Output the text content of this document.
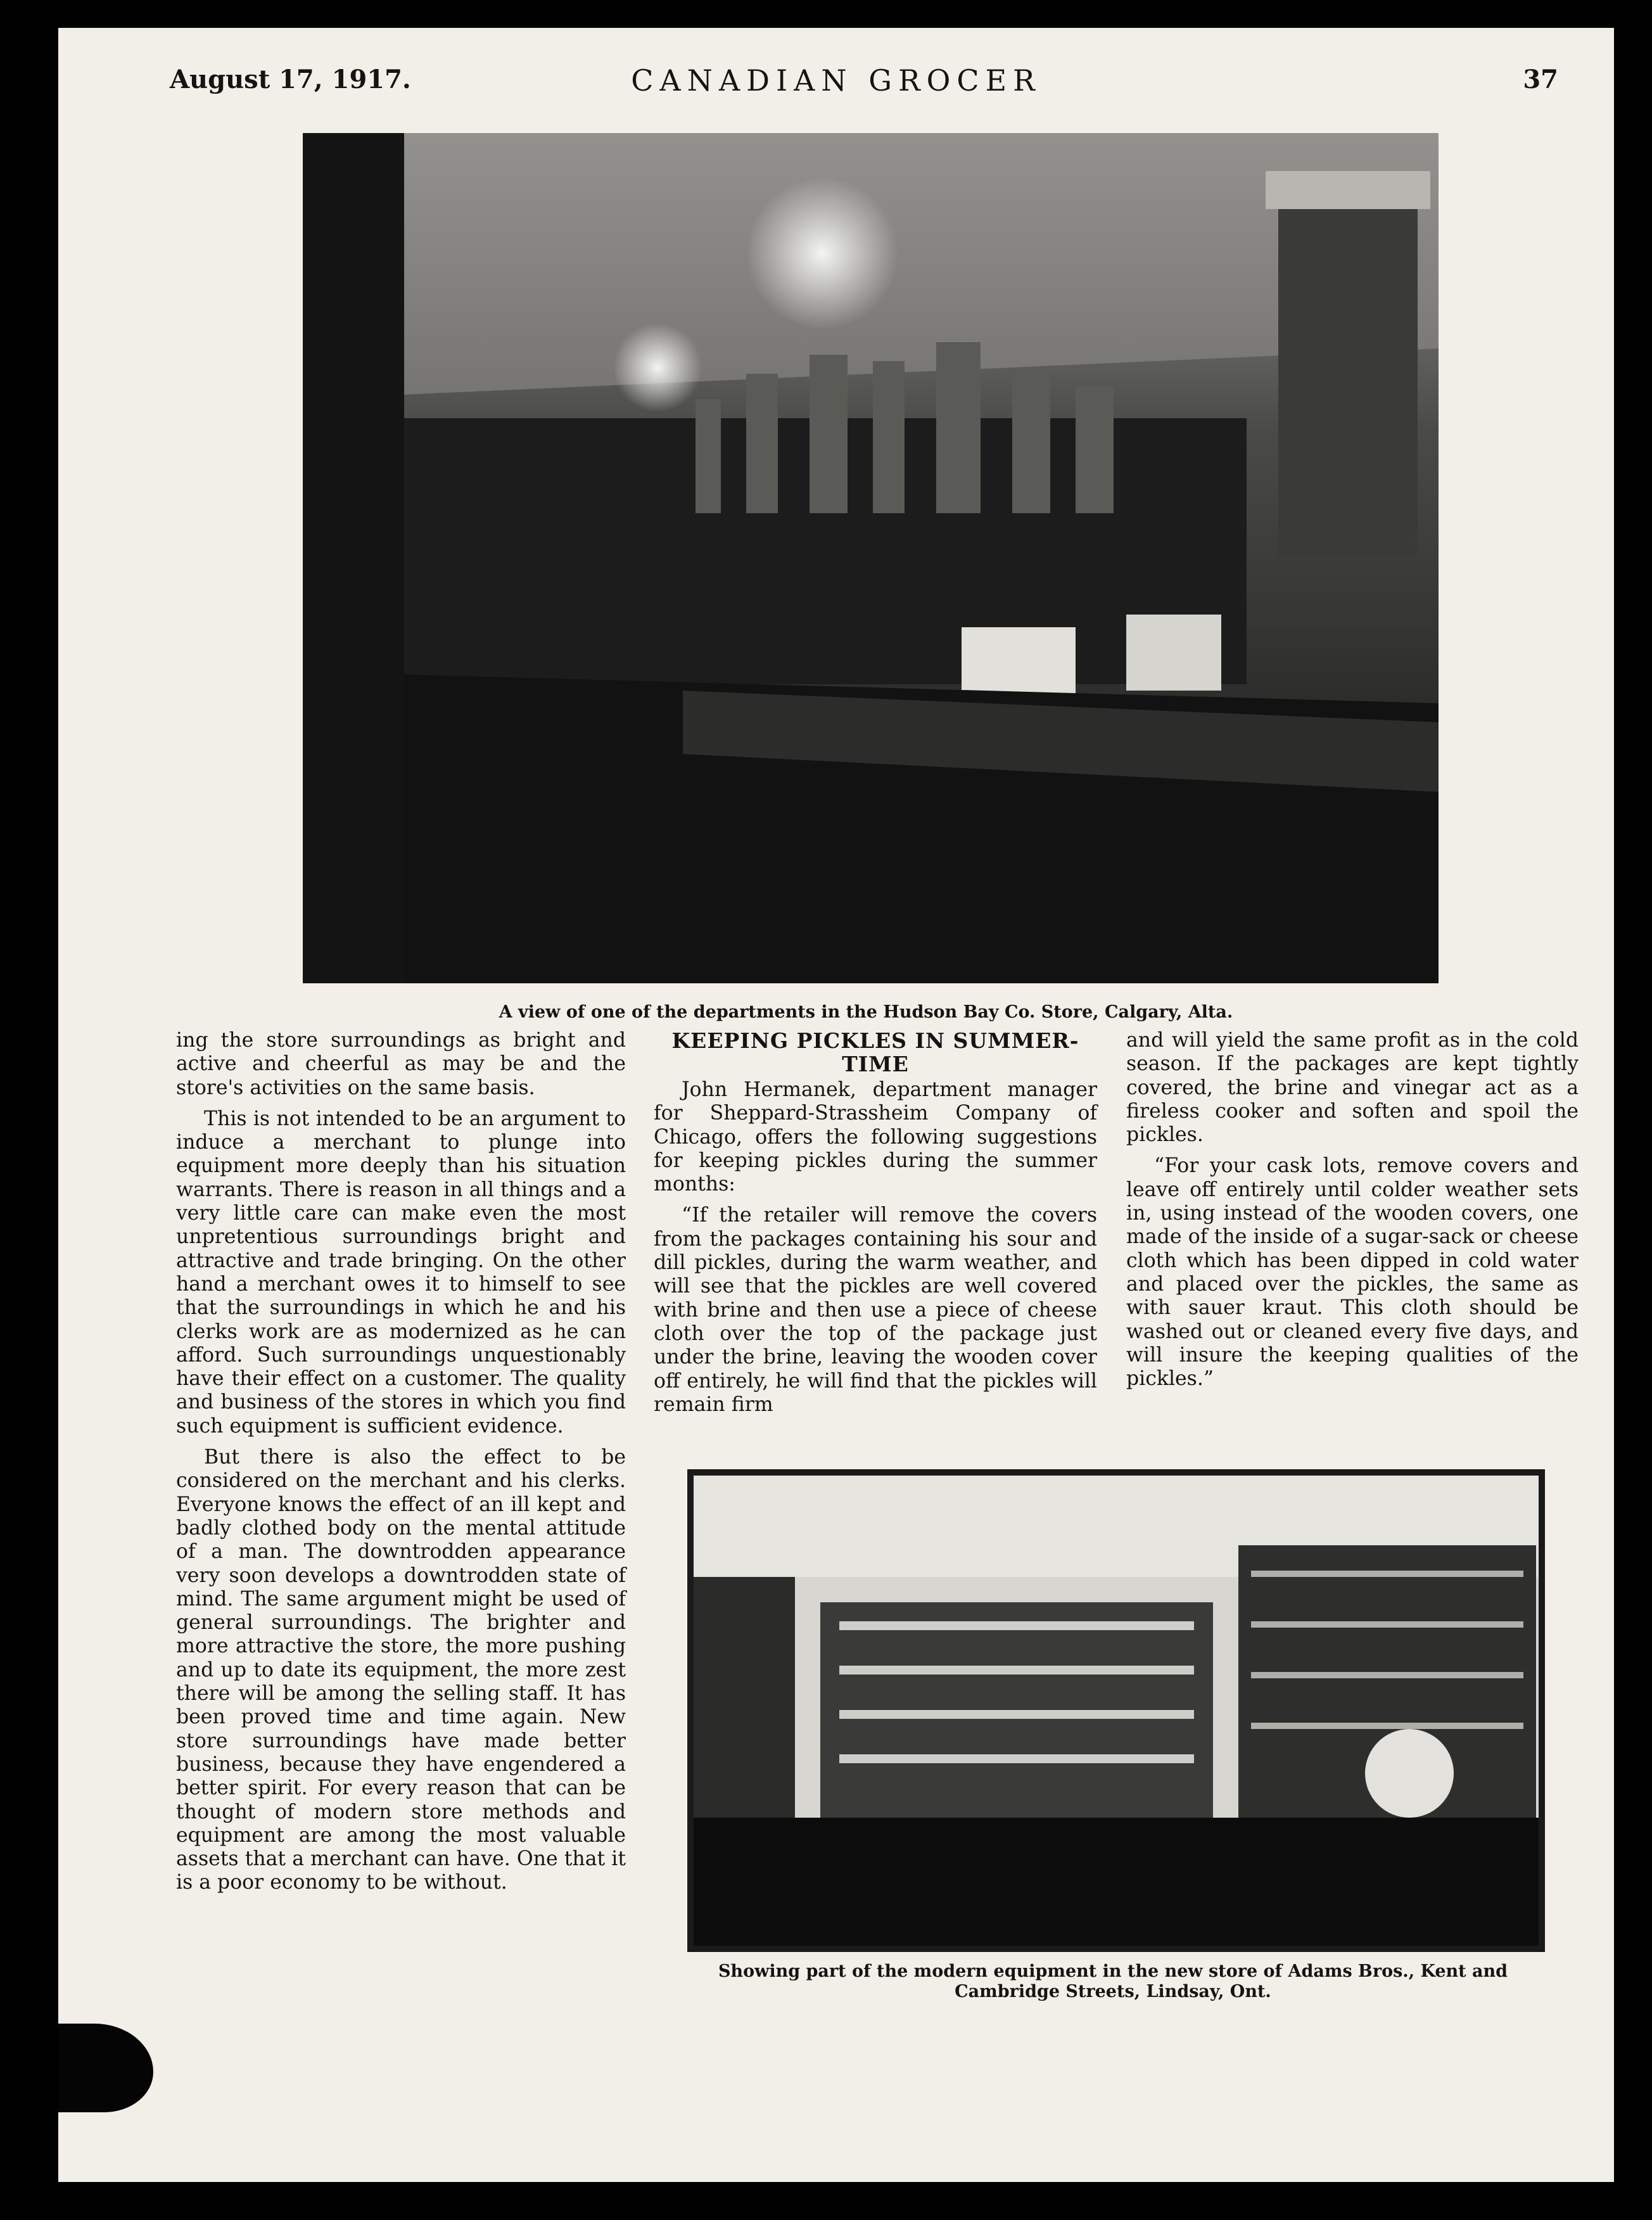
August 17, 1917.	CANADIAN GROCER	37
A view of one of the departments in the Hudson Bay Co. Store, Calgary, Alta.

ing the store surroundings as bright and active and cheerful as may be and the store's activities on the same basis.

This is not intended to be an argument to induce a merchant to plunge into equipment more deeply than his situation warrants. There is reason in all things and a very little care can make even the most unpretentious surroundings bright and attractive and trade bringing. On the other hand a merchant owes it to himself to see that the surroundings in which he and his clerks work are as modernized as he can afford. Such surroundings unquestionably have their effect on a customer. The quality and business of the stores in which you find such equipment is sufficient evidence.

But there is also the effect to be considered on the merchant and his clerks. Everyone knows the effect of an ill kept and badly clothed body on the mental attitude of a man. The downtrodden appearance very soon develops a downtrodden state of mind. The same argument might be used of general surroundings. The brighter and more attractive the store, the more pushing and up to date its equipment, the more zest there will be among the selling staff. It has been proved time and time again. New store surroundings have made better business, because they have engendered a better spirit. For every reason that can be thought of modern store methods and equipment are among the most valuable assets that a merchant can have. One that it is a poor economy to be without.

KEEPING PICKLES IN SUMMER-TIME

John Hermanek, department manager for Sheppard-Strassheim Company of Chicago, offers the following suggestions for keeping pickles during the summer months:

“If the retailer will remove the covers from the packages containing his sour and dill pickles, during the warm weather, and will see that the pickles are well covered with brine and then use a piece of cheese cloth over the top of the package just under the brine, leaving the wooden cover off entirely, he will find that the pickles will remain firm

and will yield the same profit as in the cold season. If the packages are kept tightly covered, the brine and vinegar act as a fireless cooker and soften and spoil the pickles.

“For your cask lots, remove covers and leave off entirely until colder weather sets in, using instead of the wooden covers, one made of the inside of a sugar-sack or cheese cloth which has been dipped in cold water and placed over the pickles, the same as with sauer kraut. This cloth should be washed out or cleaned every five days, and will insure the keeping qualities of the pickles.”

Showing part of the modern equipment in the new store of Adams Bros., Kent and Cambridge Streets, Lindsay, Ont.
